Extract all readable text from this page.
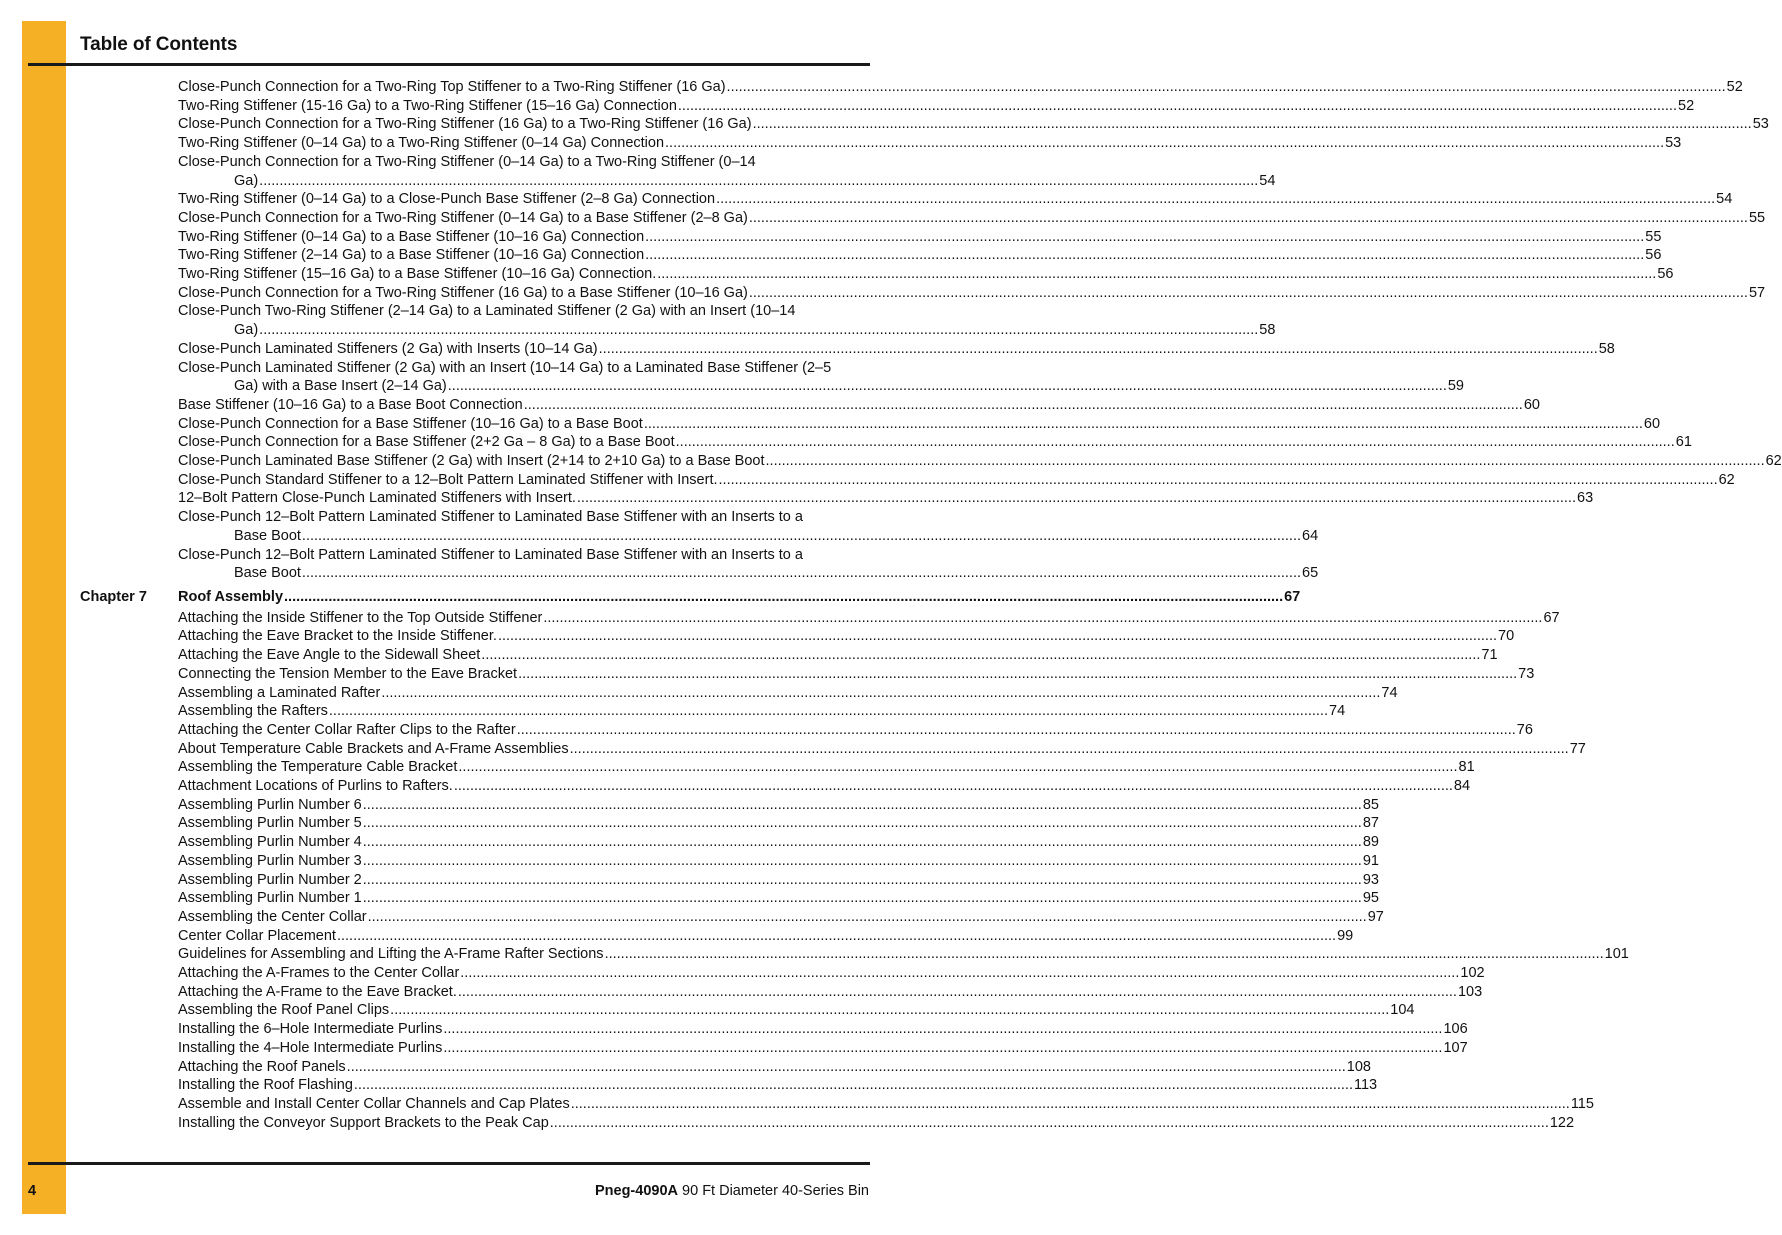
Table of Contents
Close-Punch Connection for a Two-Ring Top Stiffener to a Two-Ring Stiffener (16 Ga) .....	52
Two-Ring Stiffener (15-16 Ga) to a Two-Ring Stiffener (15–16 Ga) Connection .....	52
Close-Punch Connection for a Two-Ring Stiffener (16 Ga) to a Two-Ring Stiffener (16 Ga) .....	53
Two-Ring Stiffener (0–14 Ga) to a Two-Ring Stiffener (0–14 Ga) Connection .....	53
Close-Punch Connection for a Two-Ring Stiffener (0–14 Ga) to a Two-Ring Stiffener (0–14
Ga) .....	54
Two-Ring Stiffener (0–14 Ga) to a Close-Punch Base Stiffener (2–8 Ga) Connection .....	54
Close-Punch Connection for a Two-Ring Stiffener (0–14 Ga) to a Base Stiffener (2–8 Ga) .....	55
Two-Ring Stiffener (0–14 Ga) to a Base Stiffener (10–16 Ga) Connection .....	55
Two-Ring Stiffener (2–14 Ga) to a Base Stiffener (10–16 Ga) Connection .....	56
Two-Ring Stiffener (15–16 Ga) to a Base Stiffener (10–16 Ga) Connection. .....	56
Close-Punch Connection for a Two-Ring Stiffener (16 Ga) to a Base Stiffener (10–16 Ga) .....	57
Close-Punch Two-Ring Stiffener (2–14 Ga) to a Laminated Stiffener (2 Ga) with an Insert (10–14
Ga) .....	58
Close-Punch Laminated Stiffeners (2 Ga) with Inserts (10–14 Ga) .....	58
Close-Punch Laminated Stiffener (2 Ga) with an Insert (10–14 Ga) to a Laminated Base Stiffener (2–5
Ga) with a Base Insert (2–14 Ga) .....	59
Base Stiffener (10–16 Ga) to a Base Boot Connection .....	60
Close-Punch Connection for a Base Stiffener (10–16 Ga) to a Base Boot .....	60
Close-Punch Connection for a Base Stiffener (2+2 Ga – 8 Ga) to a Base Boot .....	61
Close-Punch Laminated Base Stiffener (2 Ga) with Insert (2+14 to 2+10 Ga) to a Base Boot .....	62
Close-Punch Standard Stiffener to a 12–Bolt Pattern Laminated Stiffener with Insert. .....	62
12–Bolt Pattern Close-Punch Laminated Stiffeners with Insert. .....	63
Close-Punch 12–Bolt Pattern Laminated Stiffener to Laminated Base Stiffener with an Inserts to a
Base Boot .....	64
Close-Punch 12–Bolt Pattern Laminated Stiffener to Laminated Base Stiffener with an Inserts to a
Base Boot .....	65
Chapter 7	Roof Assembly .....	67
Attaching the Inside Stiffener to the Top Outside Stiffener .....	67
Attaching the Eave Bracket to the Inside Stiffener. .....	70
Attaching the Eave Angle to the Sidewall Sheet .....	71
Connecting the Tension Member to the Eave Bracket .....	73
Assembling a Laminated Rafter .....	74
Assembling the Rafters .....	74
Attaching the Center Collar Rafter Clips to the Rafter .....	76
About Temperature Cable Brackets and A-Frame Assemblies .....	77
Assembling the Temperature Cable Bracket .....	81
Attachment Locations of Purlins to Rafters. .....	84
Assembling Purlin Number 6 .....	85
Assembling Purlin Number 5 .....	87
Assembling Purlin Number 4 .....	89
Assembling Purlin Number 3 .....	91
Assembling Purlin Number 2 .....	93
Assembling Purlin Number 1 .....	95
Assembling the Center Collar .....	97
Center Collar Placement .....	99
Guidelines for Assembling and Lifting the A-Frame Rafter Sections .....	101
Attaching the A-Frames to the Center Collar .....	102
Attaching the A-Frame to the Eave Bracket. .....	103
Assembling the Roof Panel Clips .....	104
Installing the 6–Hole Intermediate Purlins .....	106
Installing the 4–Hole Intermediate Purlins .....	107
Attaching the Roof Panels .....	108
Installing the Roof Flashing .....	113
Assemble and Install Center Collar Channels and Cap Plates .....	115
Installing the Conveyor Support Brackets to the Peak Cap .....	122
4	Pneg-4090A 90 Ft Diameter 40-Series Bin
